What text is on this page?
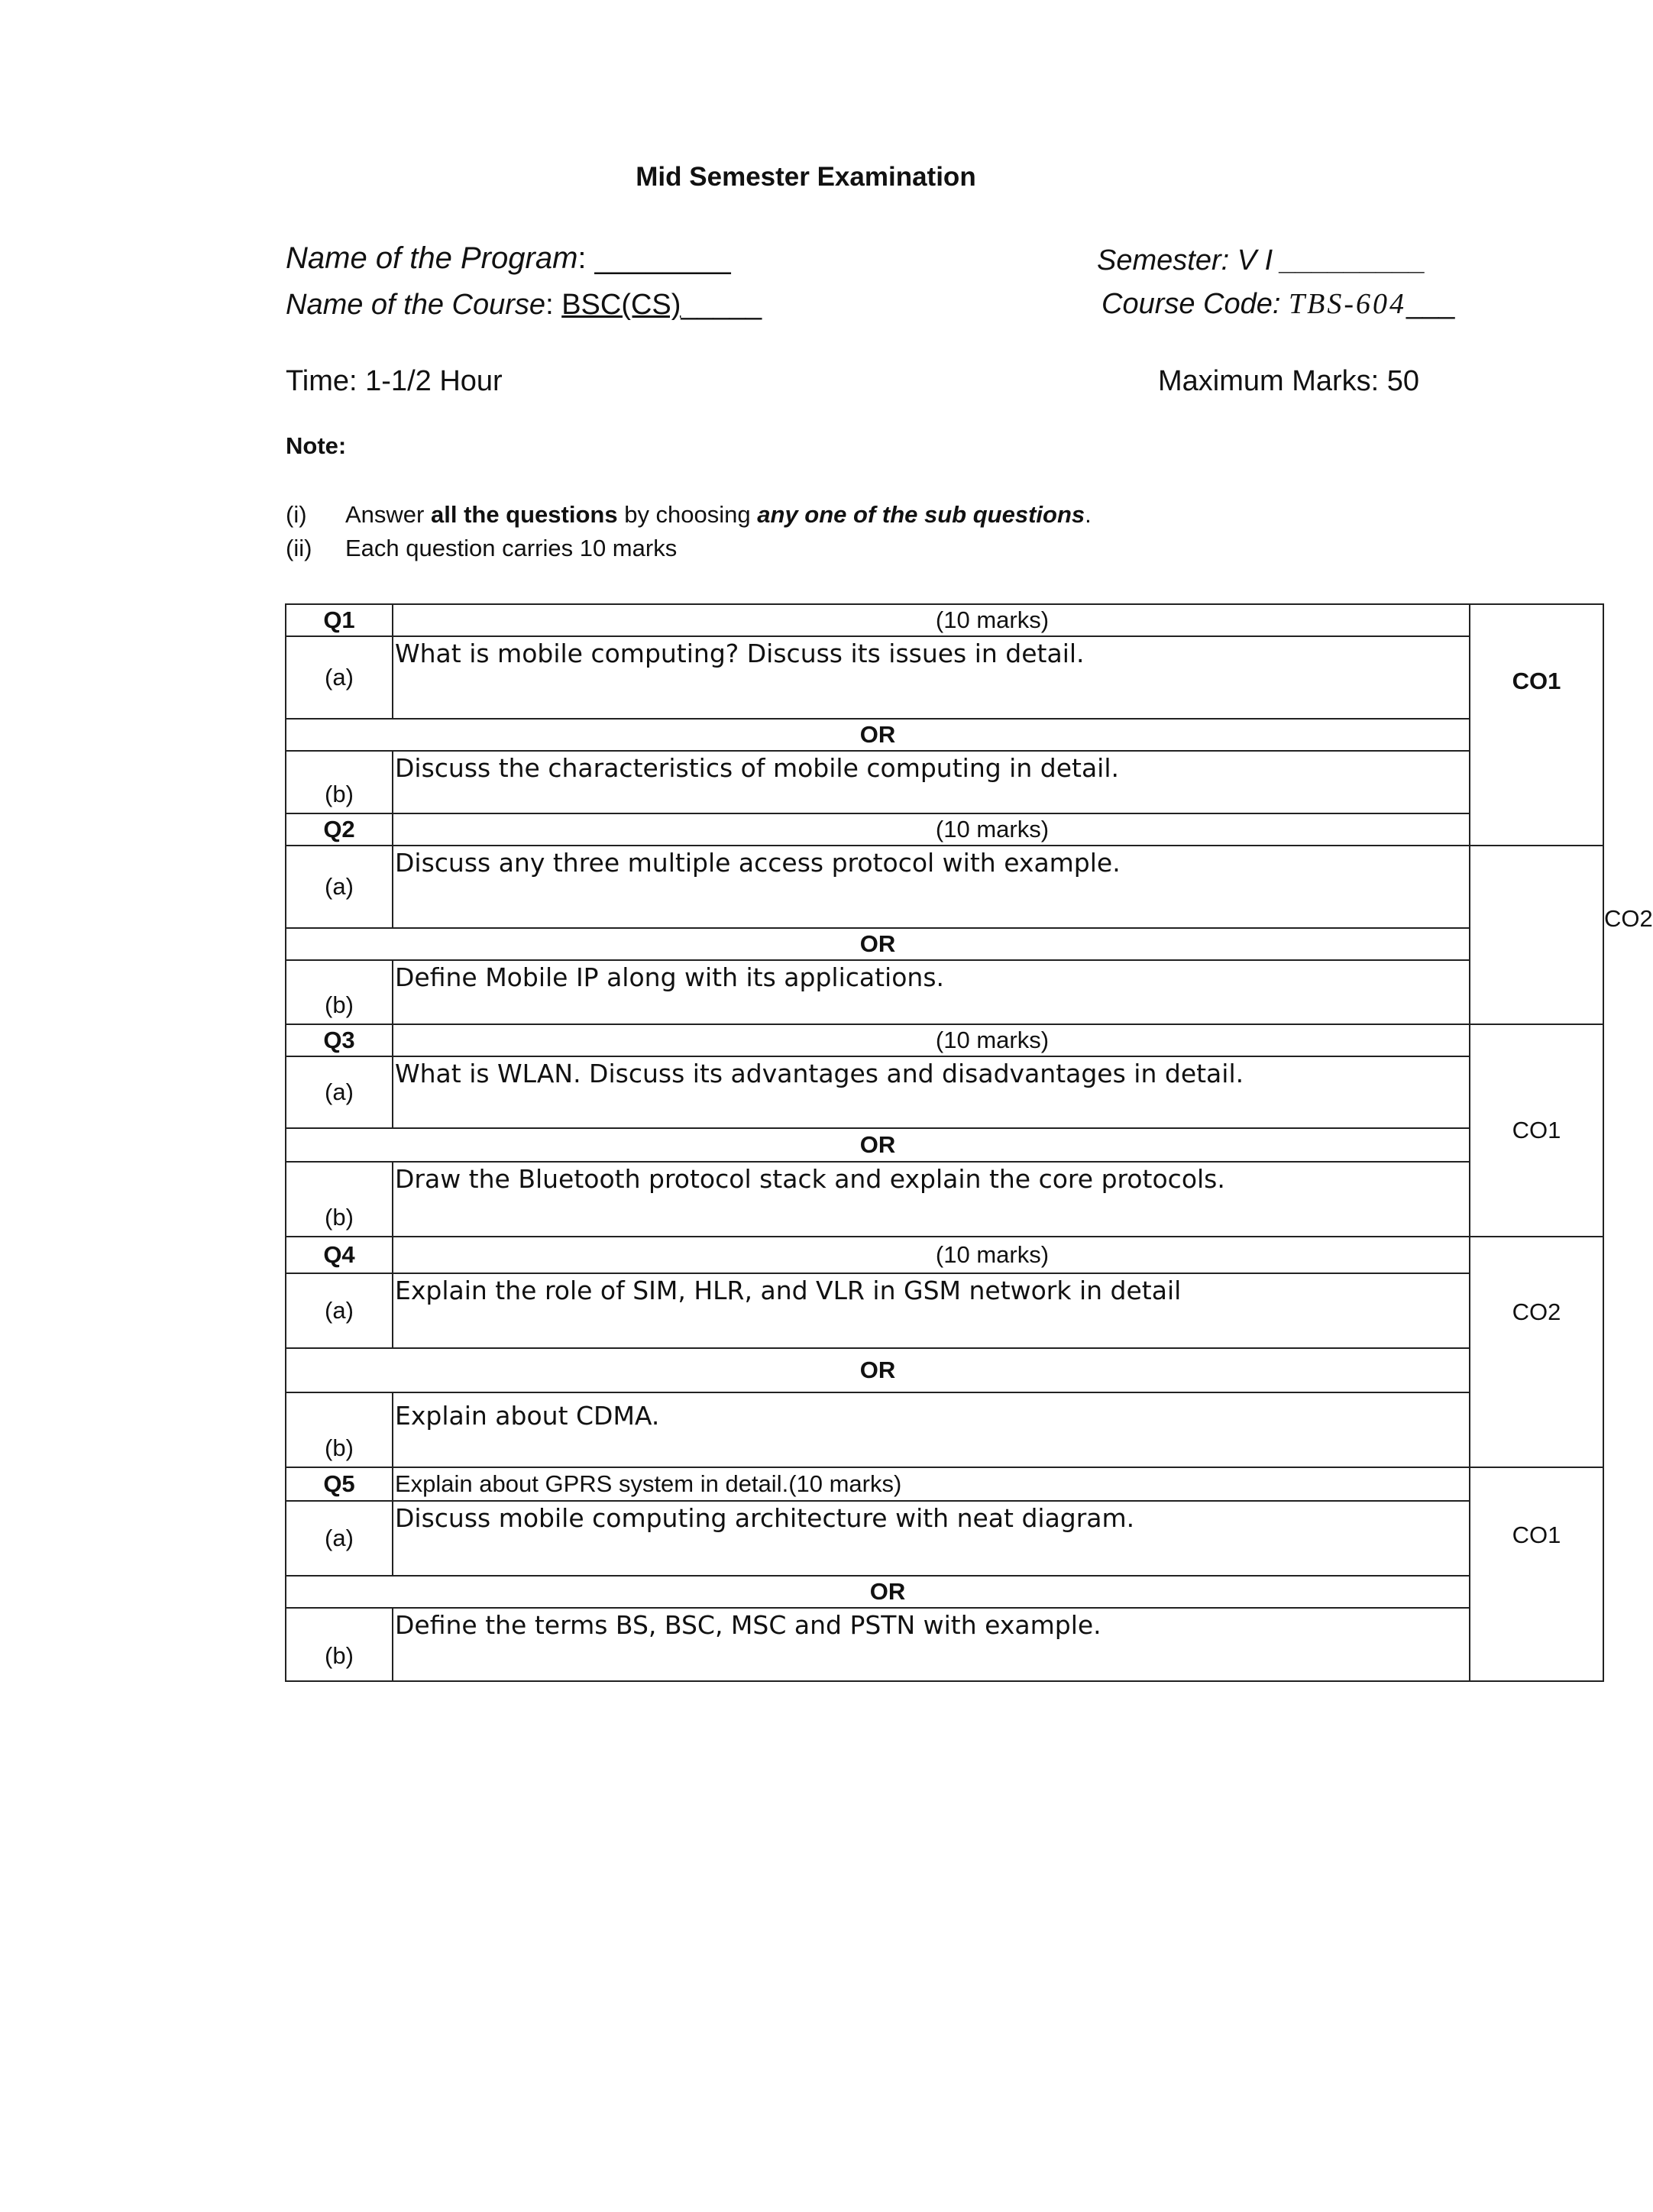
Mid Semester Examination
Name of the Program: ________
Name of the Course: BSC(CS)_____
Semester: V I _________
Course Code: TBS-604___
Time: 1-1/2 Hour	Maximum Marks: 50
Note:
(i) Answer all the questions by choosing any one of the sub questions.
(ii) Each question carries 10 marks
Q1	(10 marks)	CO1	
(a)	What is mobile computing? Discuss its issues in detail.		
OR			
(b)	Discuss the characteristics of mobile computing in detail.		
Q2	(10 marks)		CO2
(a)	Discuss any three multiple access protocol with example.		
OR			
(b)	Define Mobile IP along with its applications.		
Q3	(10 marks)	CO1	
(a)	What is WLAN. Discuss its advantages and disadvantages in detail.		
OR			
(b)	Draw the Bluetooth protocol stack and explain the core protocols.		
Q4	(10 marks)	CO2	
(a)	Explain the role of SIM, HLR, and VLR in GSM network in detail		
OR			
(b)	Explain about CDMA.		
Q5	Explain about GPRS system in detail.(10 marks)	CO1	
(a)	Discuss mobile computing architecture with neat diagram.		
OR			
(b)	Define the terms BS, BSC, MSC and PSTN with example.		
